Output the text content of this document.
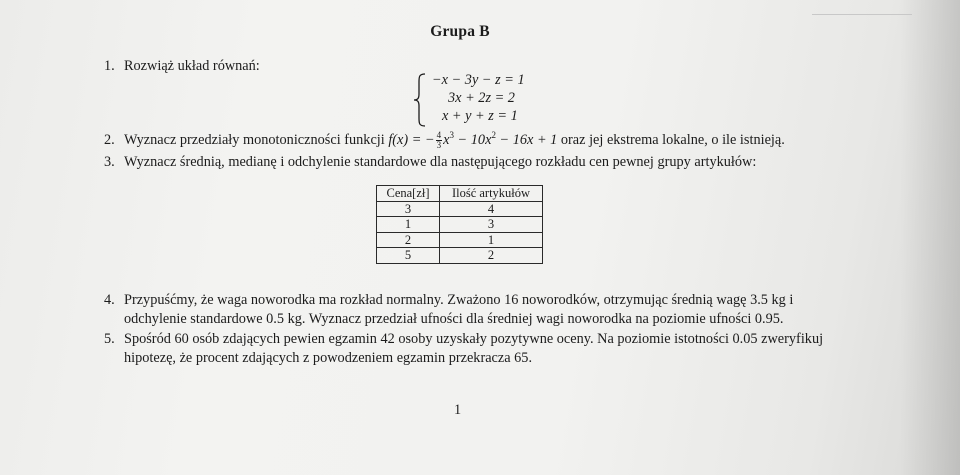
Grupa B
1. Rozwiąż układ równań:
−x − 3y − z = 1
3x + 2z = 2
x + y + z = 1
2. Wyznacz przedziały monotoniczności funkcji f(x) = − $\frac{4}{3} x^3 - 10x^2 - 16x + 1$ oraz jej ekstrema lokalne, o ile istnieją.
3. Wyznacz średnią, medianę i odchylenie standardowe dla następującego rozkładu cen pewnej grupy artykułów:
Cena[zł]	Ilość artykułów
3	4
1	3
2	1
5	2
4. Przypuśćmy, że waga noworodka ma rozkład normalny. Zważono 16 noworodków, otrzymując średnią wagę 3.5 kg i
odchylenie standardowe 0.5 kg. Wyznacz przedział ufności dla średniej wagi noworodka na poziomie ufności 0.95.
5. Spośród 60 osób zdających pewien egzamin 42 osoby uzyskały pozytywne oceny. Na poziomie istotności 0.05 zweryfikuj
hipotezę, że procent zdających z powodzeniem egzamin przekracza 65.
1
